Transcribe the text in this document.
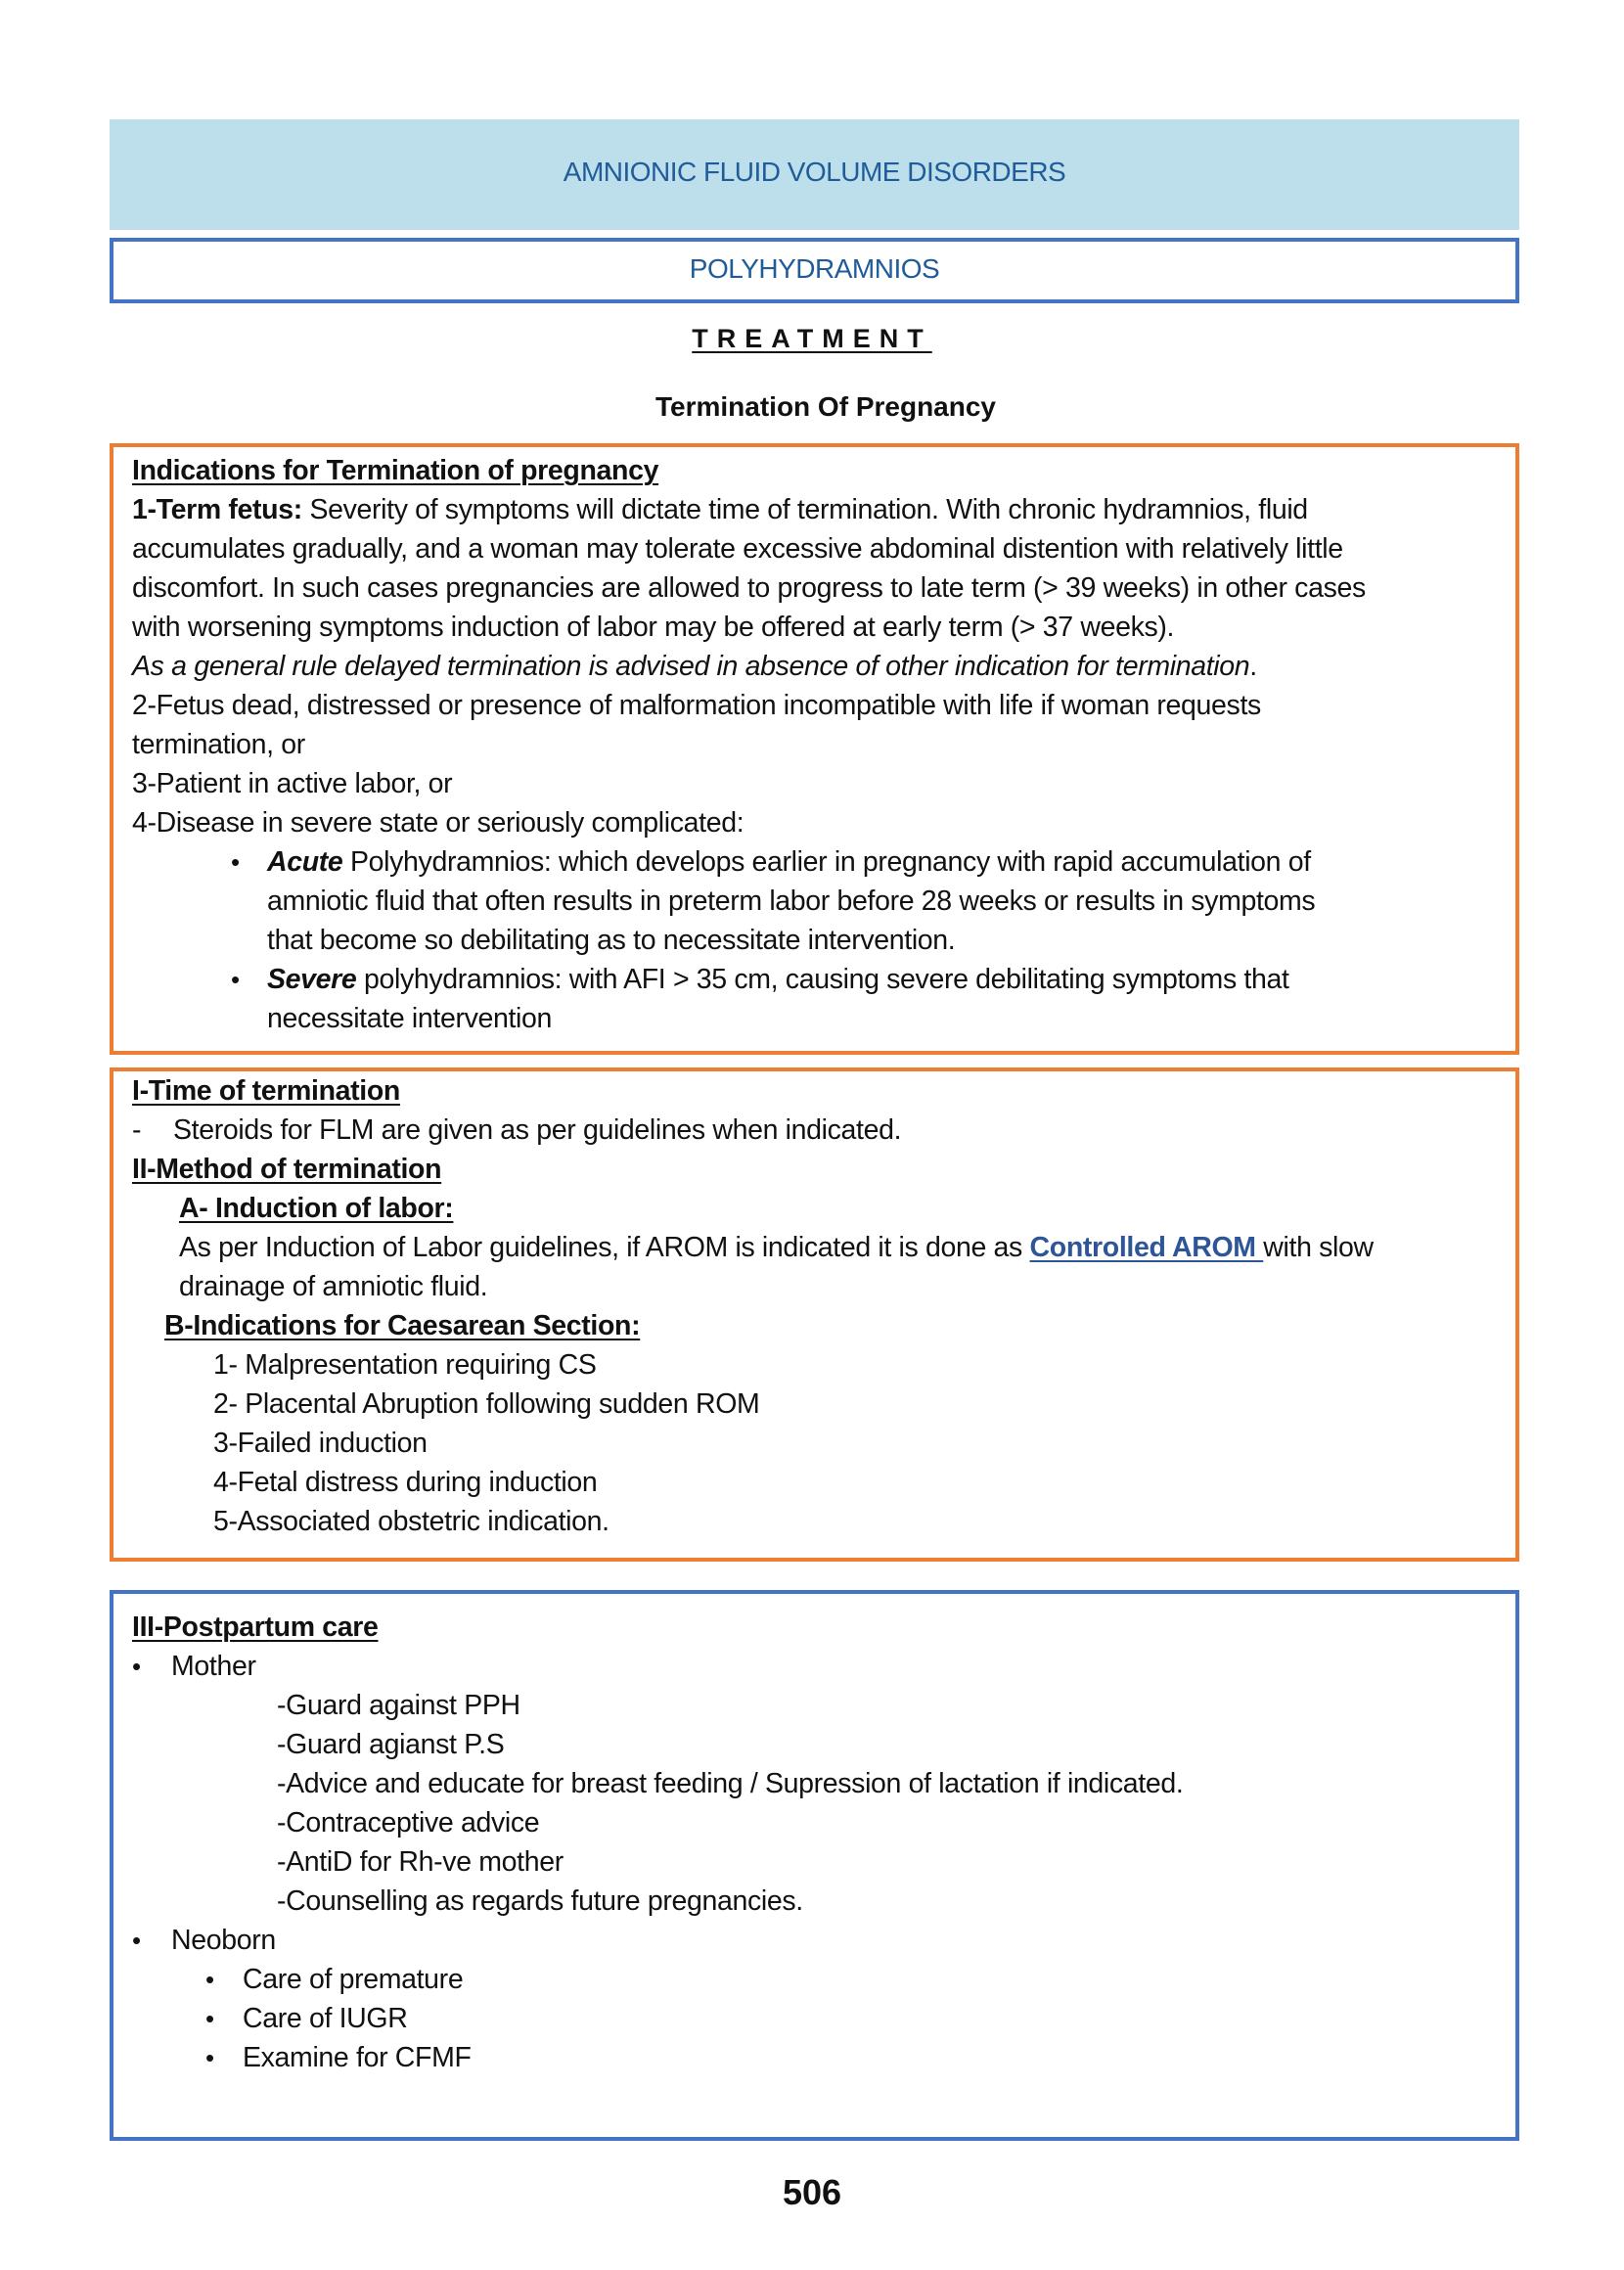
AMNIONIC FLUID VOLUME DISORDERS
POLYHYDRAMNIOS
TREATMENT
Termination Of Pregnancy
Indications for Termination of pregnancy
1-Term fetus: Severity of symptoms will dictate time of termination. With chronic hydramnios, fluid
accumulates gradually, and a woman may tolerate excessive abdominal distention with relatively little
discomfort. In such cases pregnancies are allowed to progress to late term (> 39 weeks) in other cases
with worsening symptoms induction of labor may be offered at early term (> 37 weeks).
As a general rule delayed termination is advised in absence of other indication for termination.
2-Fetus dead, distressed or presence of malformation incompatible with life if woman requests
termination, or
3-Patient in active labor, or
4-Disease in severe state or seriously complicated:
• Acute Polyhydramnios: which develops earlier in pregnancy with rapid accumulation of
amniotic fluid that often results in preterm labor before 28 weeks or results in symptoms
that become so debilitating as to necessitate intervention.
• Severe polyhydramnios: with AFI > 35 cm, causing severe debilitating symptoms that
necessitate intervention
I-Time of termination
- Steroids for FLM are given as per guidelines when indicated.
II-Method of termination
A- Induction of labor:
As per Induction of Labor guidelines, if AROM is indicated it is done as Controlled AROM with slow
drainage of amniotic fluid.
B-Indications for Caesarean Section:
1- Malpresentation requiring CS
2- Placental Abruption following sudden ROM
3-Failed induction
4-Fetal distress during induction
5-Associated obstetric indication.
III-Postpartum care
• Mother
-Guard against PPH
-Guard agianst P.S
-Advice and educate for breast feeding / Supression of lactation if indicated.
-Contraceptive advice
-AntiD for Rh-ve mother
-Counselling as regards future pregnancies.
• Neoborn
• Care of premature
• Care of IUGR
• Examine for CFMF
506
